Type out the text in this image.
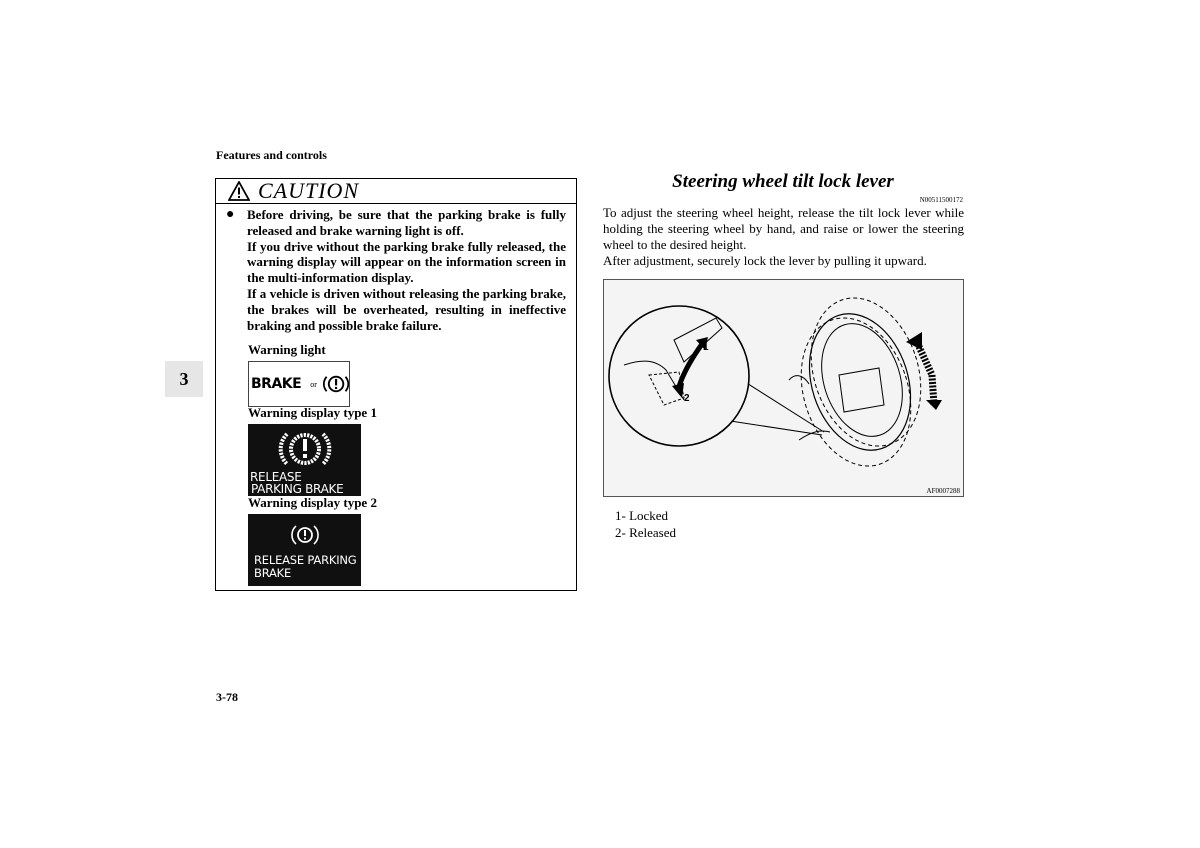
Features and controls
3
3-78
CAUTION
● Before driving, be sure that the parking brake is fully released and brake warning light is off.

If you drive without the parking brake fully released, the warning display will appear on the information screen in the multi-information display.

If a vehicle is driven without releasing the parking brake, the brakes will be overheated, resulting in ineffective braking and possible brake failure.

Warning light
BRAKE or
Warning display type 1
RELEASE
PARKING BRAKE
Warning display type 2
RELEASE PARKING
BRAKE
Steering wheel tilt lock lever
N00511500172

To adjust the steering wheel height, release the tilt lock lever while holding the steering wheel by hand, and raise or lower the steering wheel to the desired height.

After adjustment, securely lock the lever by pulling it upward.

1
2
AF0007288
1- Locked
2- Released
